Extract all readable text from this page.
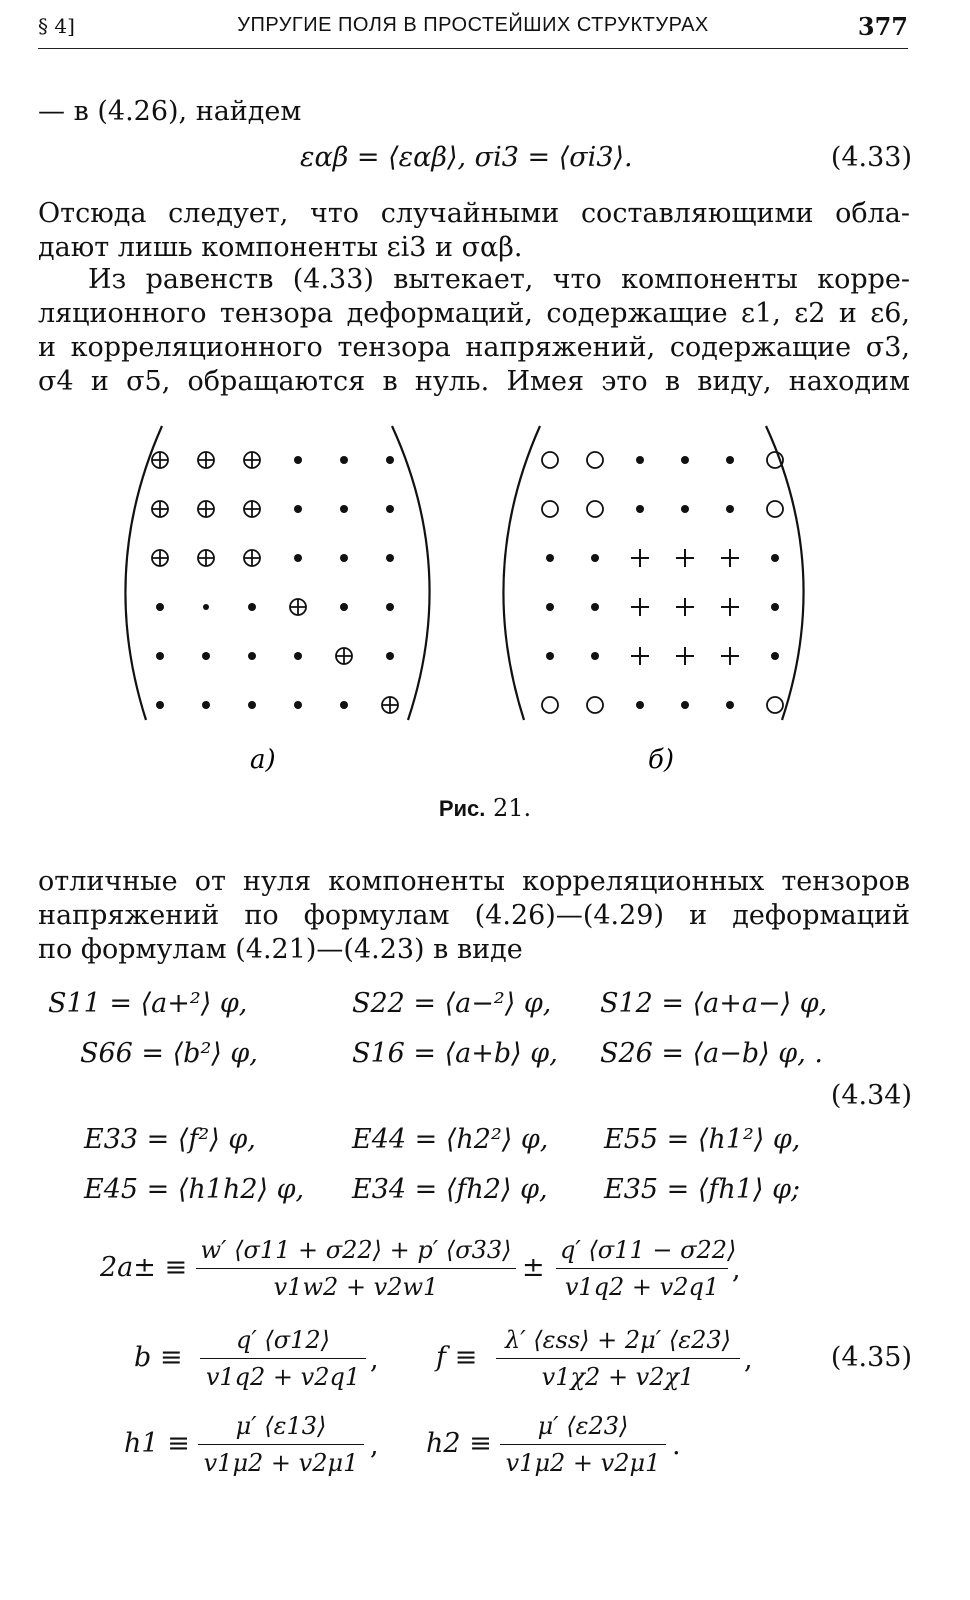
§ 4]	УПРУГИЕ ПОЛЯ В ПРОСТЕЙШИХ СТРУКТУРАХ	377
— в (4.26), найдем
εαβ = ⟨εαβ⟩, σi3 = ⟨σi3⟩.	(4.33)
Отсюда следует, что случайными составляющими обла-
дают лишь компоненты εi3 и σαβ.
Из равенств (4.33) вытекает, что компоненты корре-
ляционного тензора деформаций, содержащие ε1, ε2 и ε6,
и корреляционного тензора напряжений, содержащие σ3,
σ4 и σ5, обращаются в нуль. Имея это в виду, находим
a)	б)
Рис. 21.
отличные от нуля компоненты корреляционных тензоров
напряжений по формулам (4.26)—(4.29) и деформаций
по формулам (4.21)—(4.23) в виде
S11 = ⟨a+²⟩ φ,	S22 = ⟨a−²⟩ φ, S12 = ⟨a+a−⟩ φ,
S66 = ⟨b²⟩ φ,	S16 = ⟨a+b⟩ φ, S26 = ⟨a−b⟩ φ, .
(4.34)
E33 = ⟨f²⟩ φ,	E44 = ⟨h2²⟩ φ, E55 = ⟨h1²⟩ φ,
E45 = ⟨h1h2⟩ φ, E34 = ⟨fh2⟩ φ, E35 = ⟨fh1⟩ φ;
$2a\pm \equiv \frac{w' ⟨\sigma 11 + \sigma 22⟩ + p' ⟨\sigma 33⟩}{v1w2 + v2w1} \pm \frac{q' ⟨\sigma 11 - \sigma 22⟩}{v1q2 + v2q1}$ ,
$b \equiv \frac{q' ⟨\sigma 12⟩}{v1q2 + v2q1}$ , f ≡
λ′ ⟨εss⟩ + 2μ′ ⟨ε23⟩
v1χ2 + v2χ1
,	(4.35)
$h1 \equiv \frac{\mu' ⟨\varepsilon 13⟩}{v1\mu 2 + v2\mu 1}$ , $h2 \equiv \frac{\mu' ⟨\varepsilon 23⟩}{v1\mu 2 + v2\mu 1}$ .
